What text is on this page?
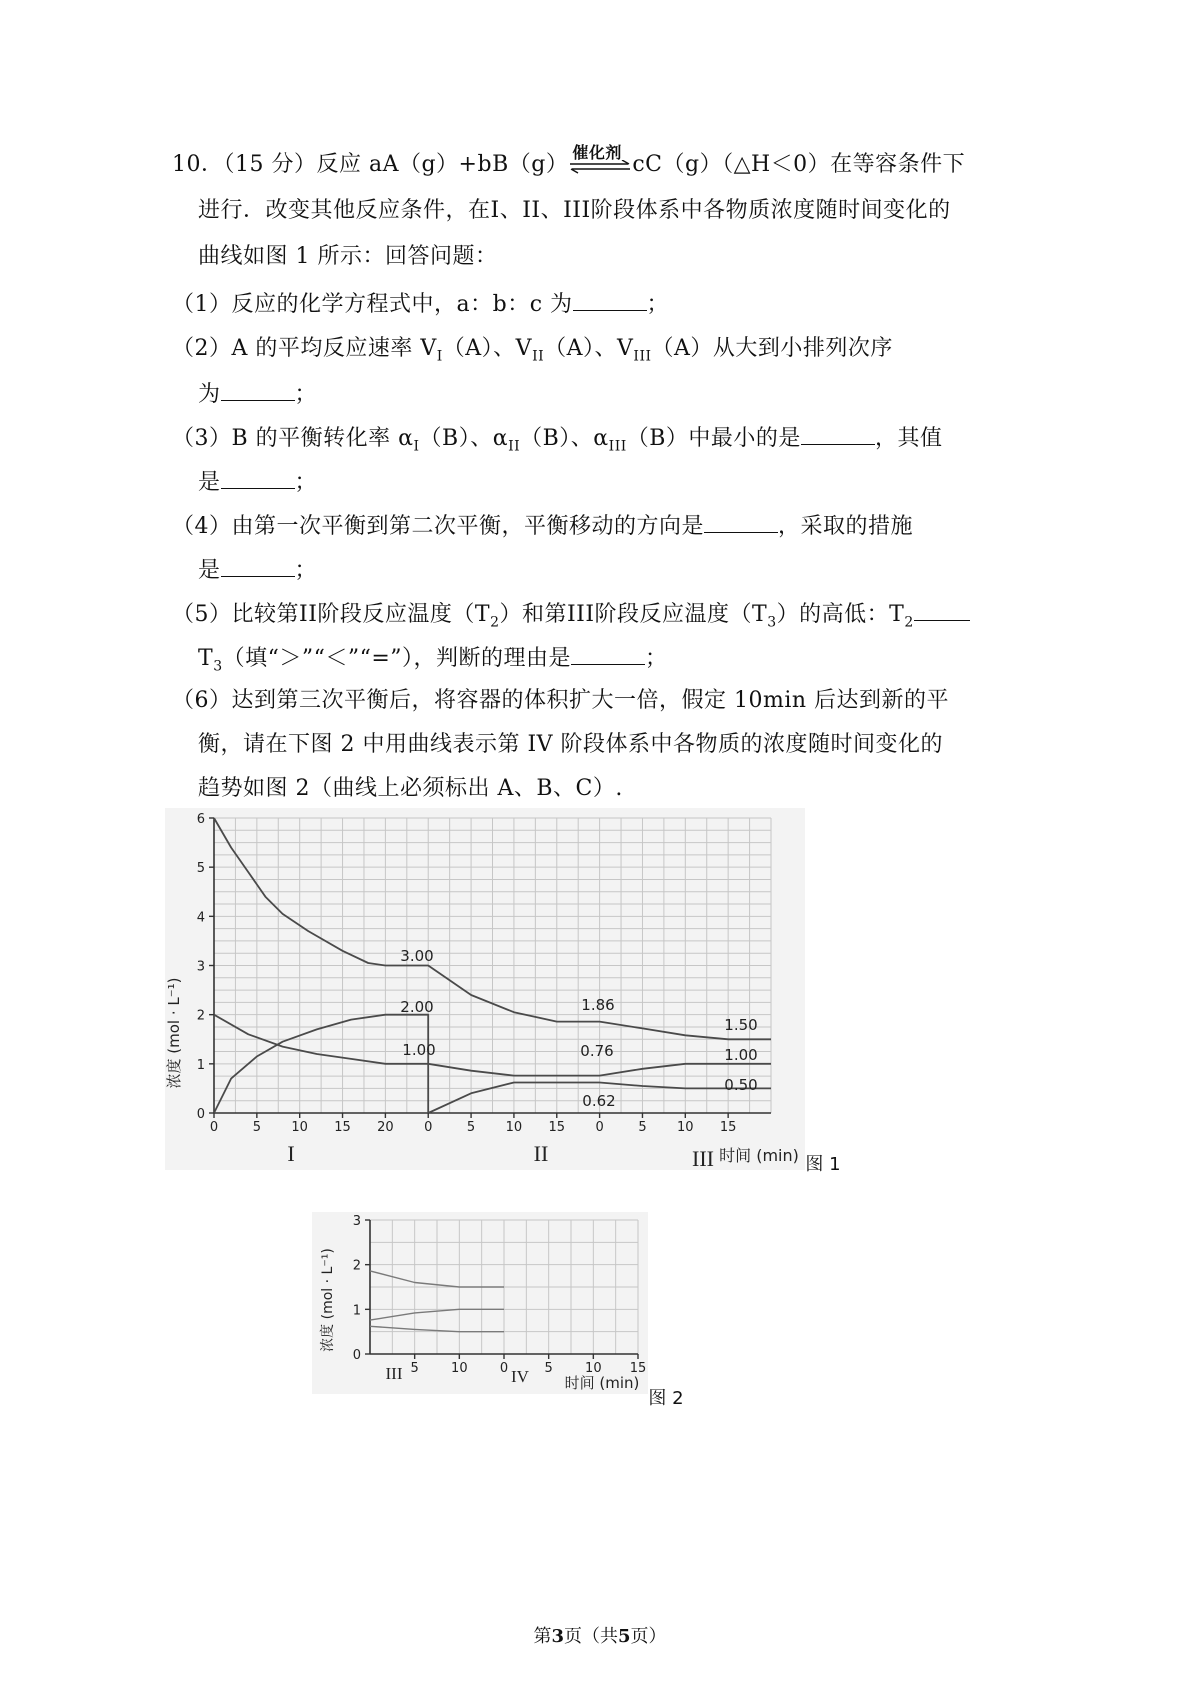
10．（15 分）反应 aA（g）+bB（g） 催化剂 cC（g）（△H＜0）在等容条件下
进行．改变其他反应条件，在I、II、III阶段体系中各物质浓度随时间变化的
曲线如图 1 所示：回答问题：
（1）反应的化学方程式中，a：b：c 为	；
（2）A 的平均反应速率 $V_I(A)$、$V_{II}(A)$、$V_{III}(A)$从大到小排列次序
为	；
（3）B 的平衡转化率 $\alpha_I(B)$、$\alpha_{II}(B)$、$\alpha_{III}(B)$中最小的是	，其值
是	；
（4）由第一次平衡到第二次平衡，平衡移动的方向是	，采取的措施
是	；
（5）比较第II阶段反应温度$(T_2)$和第III阶段反应温度$(T_3)$的高低：$T_2$
$T_3$（填“＞”“＜”“=”），判断的理由是	；
（6）达到第三次平衡后，将容器的体积扩大一倍，假定 10min 后达到新的平
衡，请在下图 2 中用曲线表示第 IV 阶段体系中各物质的浓度随时间变化的
趋势如图 2（曲线上必须标出 A、B、C）.
0
1
2
3
4
5
6
0	5 10 15 20 0	5 10 15 0	5 10 15
浓度 (mol · L⁻¹)
I	II	III 时间 (min) 图 1
3.00
2.00
1.00
1.86
0.76
0.62
1.50
1.00
0.50
0
1
2
3
5 10 0	5 10 15
浓度 (mol · L⁻¹)
III	IV 时间 (min)
图 2
第3页（共5页）
